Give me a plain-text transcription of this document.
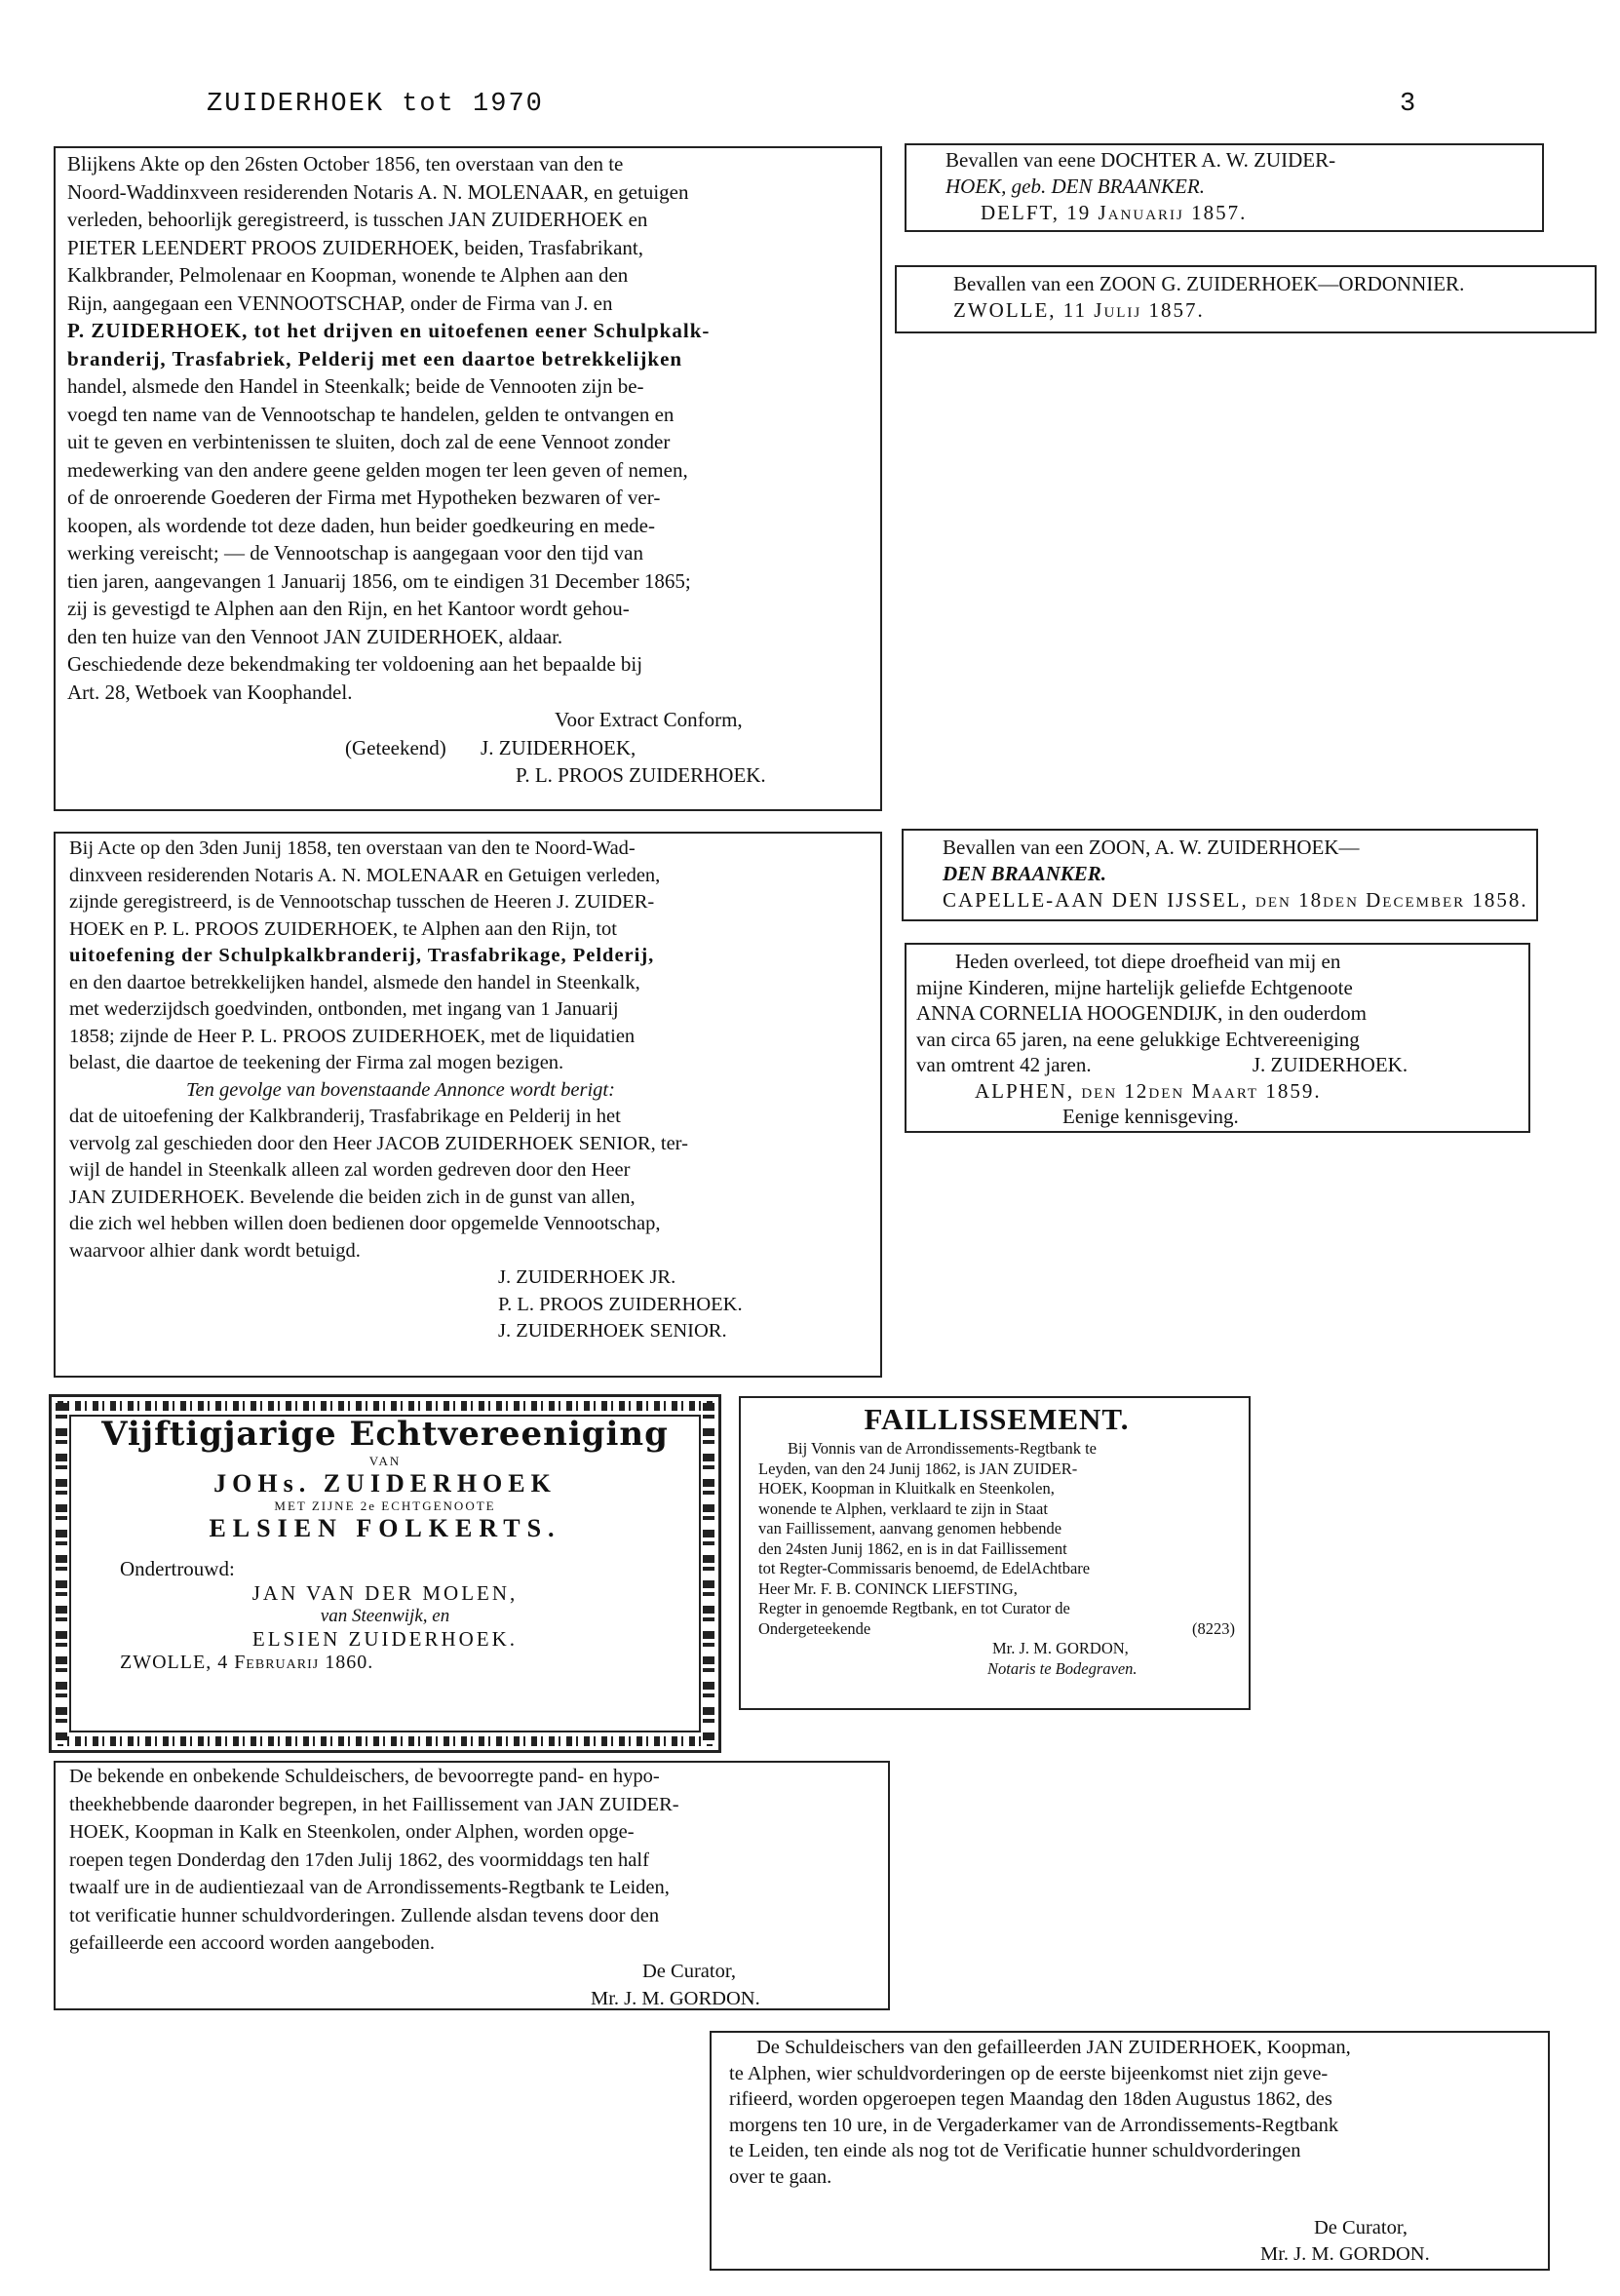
ZUIDERHOEK tot 1970	3

Blijkens Akte op den 26sten October 1856, ten overstaan van den te

Noord-Waddinxveen residerenden Notaris A. N. MOLENAAR, en getuigen

verleden, behoorlijk geregistreerd, is tusschen JAN ZUIDERHOEK en

PIETER LEENDERT PROOS ZUIDERHOEK, beiden, Trasfabrikant,

Kalkbrander, Pelmolenaar en Koopman, wonende te Alphen aan den

Rijn, aangegaan een VENNOOTSCHAP, onder de Firma van J. en

P. ZUIDERHOEK, tot het drijven en uitoefenen eener Schulpkalk-

branderij, Trasfabriek, Pelderij met een daartoe betrekkelijken

handel, alsmede den Handel in Steenkalk; beide de Vennooten zijn be-

voegd ten name van de Vennootschap te handelen, gelden te ontvangen en

uit te geven en verbintenissen te sluiten, doch zal de eene Vennoot zonder

medewerking van den andere geene gelden mogen ter leen geven of nemen,

of de onroerende Goederen der Firma met Hypotheken bezwaren of ver-

koopen, als wordende tot deze daden, hun beider goedkeuring en mede-

werking vereischt; — de Vennootschap is aangegaan voor den tijd van

tien jaren, aangevangen 1 Januarij 1856, om te eindigen 31 December 1865;

zij is gevestigd te Alphen aan den Rijn, en het Kantoor wordt gehou-

den ten huize van den Vennoot JAN ZUIDERHOEK, aldaar.

Geschiedende deze bekendmaking ter voldoening aan het bepaalde bij

Art. 28, Wetboek van Koophandel.

Voor Extract Conform,

(Geteekend) J. ZUIDERHOEK,

P. L. PROOS ZUIDERHOEK.

Bevallen van eene DOCHTER A. W. ZUIDER-

HOEK, geb. DEN BRAANKER.

DELFT, 19 Januarij 1857.

Bevallen van een ZOON G. ZUIDERHOEK—ORDONNIER.

ZWOLLE, 11 Julij 1857.

Bij Acte op den 3den Junij 1858, ten overstaan van den te Noord-Wad-

dinxveen residerenden Notaris A. N. MOLENAAR en Getuigen verleden,

zijnde geregistreerd, is de Vennootschap tusschen de Heeren J. ZUIDER-

HOEK en P. L. PROOS ZUIDERHOEK, te Alphen aan den Rijn, tot

uitoefening der Schulpkalkbranderij, Trasfabrikage, Pelderij,

en den daartoe betrekkelijken handel, alsmede den handel in Steenkalk,

met wederzijdsch goedvinden, ontbonden, met ingang van 1 Januarij

1858; zijnde de Heer P. L. PROOS ZUIDERHOEK, met de liquidatien

belast, die daartoe de teekening der Firma zal mogen bezigen.

Ten gevolge van bovenstaande Annonce wordt berigt:

dat de uitoefening der Kalkbranderij, Trasfabrikage en Pelderij in het

vervolg zal geschieden door den Heer JACOB ZUIDERHOEK SENIOR, ter-

wijl de handel in Steenkalk alleen zal worden gedreven door den Heer

JAN ZUIDERHOEK. Bevelende die beiden zich in de gunst van allen,

die zich wel hebben willen doen bedienen door opgemelde Vennootschap,

waarvoor alhier dank wordt betuigd.

J. ZUIDERHOEK JR.

P. L. PROOS ZUIDERHOEK.

J. ZUIDERHOEK SENIOR.

Bevallen van een ZOON, A. W. ZUIDERHOEK—

DEN BRAANKER.

CAPELLE-AAN DEN IJSSEL, den 18den December 1858.

Heden overleed, tot diepe droefheid van mij en

mijne Kinderen, mijne hartelijk geliefde Echtgenoote

ANNA CORNELIA HOOGENDIJK, in den ouderdom

van circa 65 jaren, na eene gelukkige Echtvereeniging

van omtrent 42 jaren.	J. ZUIDERHOEK.

ALPHEN, den 12den Maart 1859.

Eenige kennisgeving.

Vijftigjarige Echtvereeniging

VAN

JOHs. ZUIDERHOEK

MET ZIJNE 2e ECHTGENOOTE

ELSIEN FOLKERTS.

Ondertrouwd:

JAN VAN DER MOLEN,

van Steenwijk, en

ELSIEN ZUIDERHOEK.

ZWOLLE, 4 Februarij 1860.

FAILLISSEMENT.

Bij Vonnis van de Arrondissements-Regtbank te

Leyden, van den 24 Junij 1862, is JAN ZUIDER-

HOEK, Koopman in Kluitkalk en Steenkolen,

wonende te Alphen, verklaard te zijn in Staat

van Faillissement, aanvang genomen hebbende

den 24sten Junij 1862, en is in dat Faillissement

tot Regter-Commissaris benoemd, de EdelAchtbare

Heer Mr. F. B. CONINCK LIEFSTING,

Regter in genoemde Regtbank, en tot Curator de

Ondergeteekende	(8223)

Mr. J. M. GORDON,

Notaris te Bodegraven.

De bekende en onbekende Schuldeischers, de bevoorregte pand- en hypo-

theekhebbende daaronder begrepen, in het Faillissement van JAN ZUIDER-

HOEK, Koopman in Kalk en Steenkolen, onder Alphen, worden opge-

roepen tegen Donderdag den 17den Julij 1862, des voormiddags ten half

twaalf ure in de audientiezaal van de Arrondissements-Regtbank te Leiden,

tot verificatie hunner schuldvorderingen. Zullende alsdan tevens door den

gefailleerde een accoord worden aangeboden.

De Curator,

Mr. J. M. GORDON.

De Schuldeischers van den gefailleerden JAN ZUIDERHOEK, Koopman,

te Alphen, wier schuldvorderingen op de eerste bijeenkomst niet zijn geve-

rifieerd, worden opgeroepen tegen Maandag den 18den Augustus 1862, des

morgens ten 10 ure, in de Vergaderkamer van de Arrondissements-Regtbank

te Leiden, ten einde als nog tot de Verificatie hunner schuldvorderingen

over te gaan.

De Curator,

Mr. J. M. GORDON.
